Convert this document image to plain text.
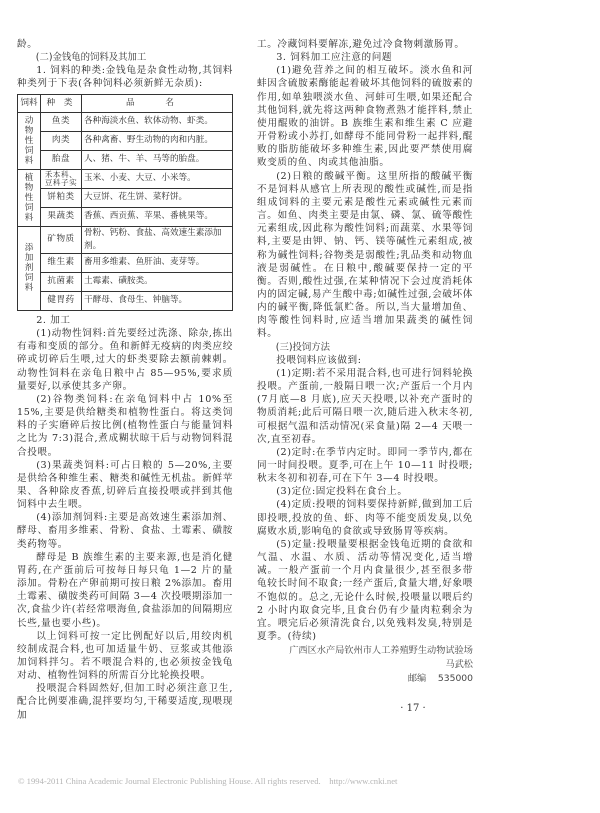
龄。

(二)金钱龟的饲料及其加工

1. 饲料的种类:金钱龟是杂食性动物,其饲料种类列于下表(各种饲料必须新鲜无杂质):

饲料	种 类	品 名
动物性饲料	鱼类	各种海淡水鱼、软体动物、虾类。
	肉类	各种禽畜、野生动物的肉和内脏。
	胎盘	人、猪、牛、羊、马等的胎盘。
植物性饲料	禾本科、豆科子实	玉米、小麦、大豆、小米等。
	饼粕类	大豆饼、花生饼、菜籽饼。
	果蔬类	香蕉、西贡蕉、苹果、番桃果等。
添加剂饲料	矿物质	骨粉、钙粉、食盐、高效速生素添加剂。
	维生素	畜用多维素、鱼肝油、麦芽等。
	抗菌素	土霉素、磺胺类。
	健胃药	干酵母、食母生、钟脑等。

2. 加工

(1)动物性饲料:首先要经过洗涤、除杂,拣出有毒和变质的部分。鱼和新鲜无疫病的肉类应绞碎或切碎后生喂,过大的虾类要除去额前棘刺。动物性饲料在亲龟日粮中占 85—95%,要求质量要好,以承使其多产卵。

(2)谷物类饲料:在亲龟饲料中占 10%至 15%,主要是供给糖类和植物性蛋白。将这类饲料的子实磨碎后按比例(植物性蛋白与能量饲料之比为 7:3)混合,煮成糊状晾干后与动物饲料混合投喂。

(3)果蔬类饲料:可占日粮的 5—20%,主要是供给各种维生素、糖类和碱性无机盐。新鲜苹果、各种除皮香蕉,切碎后直接投喂或拌到其他饲料中去生喂。

(4)添加剂饲料:主要是高效速生素添加剂、酵母、畜用多维素、骨粉、食盐、土霉素、磺胺类药物等。

酵母是 B 族维生素的主要来源,也是消化健胃药,在产蛋前后可按每日每只龟 1—2 片的量添加。骨粉在产卵前期可按日粮 2%添加。畜用土霉素、磺胺类药可间隔 3—4 次投喂期添加一次,食盐少许(若经常喂海鱼,食盐添加的间隔期应长些,量也要小些)。

以上饲料可按一定比例配好以后,用绞肉机绞制成混合料,也可加适量牛奶、豆浆或其他添加饲料拌匀。若不喂混合料的,也必须按金钱龟对动、植物性饲料的所需百分比轮换投喂。

投喂混合料固然好,但加工时必须注意卫生,配合比例要准确,混拌要均匀,干稀要适度,现喂现加

工。冷藏饲料要解冻,避免过冷食物刺激肠胃。

3. 饲料加工应注意的问题

(1)避免营养之间的相互破坏。淡水鱼和河蚌因含硫胺素酶能起着破坏其他饲料的硫胺素的作用,如单独喂淡水鱼、河蚌可生喂,如果还配合其他饲料,就先将这两种食物煮熟才能拌料,禁止使用醌败的油饼。B 族维生素和维生素 C 应避开骨粉或小苏打,如酵母不能同骨粉一起拌料,醌败的脂肪能破坏多种维生素,因此要严禁使用腐败变质的鱼、肉或其他油脂。

(2)日粮的酸碱平衡。这里所指的酸碱平衡不是饲料从感官上所表现的酸性或碱性,而是指组成饲料的主要元素是酸性元素或碱性元素而言。如鱼、肉类主要是由氯、磷、氯、硫等酸性元素组成,因此称为酸性饲料;而蔬菜、水果等饲料,主要是由钾、钠、钙、镁等碱性元素组成,被称为碱性饲料;谷物类是弱酸性;乳品类和动物血液是弱碱性。在日粮中,酸碱要保持一定的平衡。否则,酸性过强,在某种情况下会过度消耗体内的固定碱,易产生酸中毒;如碱性过强,会破坏体内的碱平衡,降低氯贮备。所以,当大量增加鱼、肉等酸性饲料时,应适当增加果蔬类的碱性饲料。

(三)投饲方法

投喂饲料应该做到:

(1)定期:若不采用混合料,也可进行饲料轮换投喂。产蛋前,一般隔日喂一次;产蛋后一个月内(7月底—8 月底),应天天投喂,以补充产蛋时的物质消耗;此后可隔日喂一次,随后进入秋末冬初,可根据气温和活动情况(采食量)隔 2—4 天喂一次,直至初春。

(2)定时:在季节内定时。即同一季节内,都在同一时间投喂。夏季,可在上午 10—11 时投喂;秋末冬初和初春,可在下午 3—4 时投喂。

(3)定位:固定投料在食台上。

(4)定质:投喂的饲料要保持新鲜,做到加工后即投喂,投放的鱼、虾、肉等不能变质发臭,以免腐败水质,影响龟的食欲或导致肠胃等疾病。

(5)定量:投喂量要根据金钱龟近期的食欲和气温、水温、水质、活动等情况变化,适当增减。一般产蛋前一个月内食量很少,甚至很多带龟较长时间不取食;一经产蛋后,食量大增,好象喂不饱似的。总之,无论什么时候,投喂量以喂后约 2 小时内取食完毕,且食台仍有少量肉粒剩余为宜。喂完后必须清洗食台,以免残料发臭,特别是夏季。(待续)

广西区水产局钦州市人工养殖野生动物试验场
马武松
邮编 535000
· 17 ·
© 1994-2011 China Academic Journal Electronic Publishing House. All rights reserved.    http://www.cnki.net
